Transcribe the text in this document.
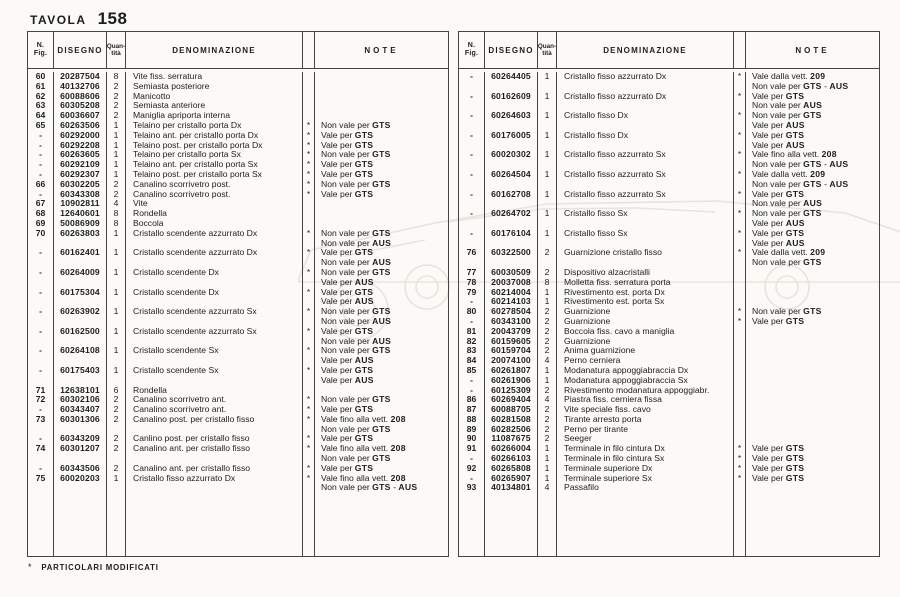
TAVOLA 158
N.
Fig. DISEGNO Quan-
tità	DENOMINAZIONE	NOTE
60	20287504	8	Vite fiss. serratura
61	40132706	2	Semiasta posteriore
62	60088606	2	Manicotto
63	60305208	2	Semiasta anteriore
64	60036607	2	Maniglia apriporta interna
65	60263506	1	Telaino per cristallo porta Dx	*	Non vale per GTS
-	60292000	1	Telaino ant. per cristallo porta Dx	*	Vale per GTS
-	60292208	1	Telaino post. per cristallo porta Dx	*	Vale per GTS
-	60263605	1	Telaino per cristallo porta Sx	*	Non vale per GTS
-	60292109	1	Telaino ant. per cristallo porta Sx	*	Vale per GTS
-	60292307	1	Telaino post. per cristallo porta Sx	*	Vale per GTS
66	60302205	2	Canalino scorrivetro post.	*	Non vale per GTS
-	60343308	2	Canalino scorrivetro post.	*	Vale per GTS
67	10902811	4	Vite
68	12640601	8	Rondella
69	50086909	8	Boccola
70	60263803	1	Cristallo scendente azzurrato Dx	*	Non vale per GTS
Non vale per AUS
-	60162401	1	Cristallo scendente azzurrato Dx	*	Vale per GTS
Non vale per AUS
-	60264009	1	Cristallo scendente Dx	*	Non vale per GTS
Vale per AUS
-	60175304	1	Cristallo scendente Dx	*	Vale per GTS
Vale per AUS
-	60263902	1	Cristallo scendente azzurrato Sx	*	Non vale per GTS
Non vale per AUS
-	60162500	1	Cristallo scendente azzurrato Sx	*	Vale per GTS
Non vale per AUS
-	60264108	1	Cristallo scendente Sx	*	Non vale per GTS
Vale per AUS
-	60175403	1	Cristallo scendente Sx	*	Vale per GTS
Vale per AUS
71	12638101	6	Rondella
72	60302106	2	Canalino scorrivetro ant.	*	Non vale per GTS
-	60343407	2	Canalino scorrivetro ant.	*	Vale per GTS
73	60301306	2	Canalino post. per cristallo fisso	*	Vale fino alla vett. 208
Non vale per GTS
-	60343209	2	Canlino post. per cristallo fisso	*	Vale per GTS
74	60301207	2	Canalino ant. per cristallo fisso	*	Vale fino alla vett. 208
Non vale per GTS
-	60343506	2	Canalino ant. per cristallo fisso	*	Vale per GTS
75	60020203	1	Cristallo fisso azzurrato Dx	*	Vale fino alla vett. 208
Non vale per GTS - AUS
N.
Fig. DISEGNO Quan-
tità	DENOMINAZIONE	NOTE
-	60264405	1	Cristallo fisso azzurrato Dx	*	Vale dalla vett. 209
Non vale per GTS - AUS
-	60162609	1	Cristallo fisso azzurrato Dx	*	Vale per GTS
Non vale per AUS
-	60264603	1	Cristallo fisso Dx	*	Non vale per GTS
Vale per AUS
-	60176005	1	Cristallo fisso Dx	*	Vale per GTS
Vale per AUS
-	60020302	1	Cristallo fisso azzurrato Sx	*	Vale fino alla vett. 208
Non vale per GTS - AUS
-	60264504	1	Cristallo fisso azzurrato Sx	*	Vale dalla vett. 209
Non vale per GTS - AUS
-	60162708	1	Cristallo fisso azzurrato Sx	*	Vale per GTS
Non vale per AUS
-	60264702	1	Cristallo fisso Sx	*	Non vale per GTS
Vale per AUS
-	60176104	1	Cristallo fisso Sx	*	Vale per GTS
Vale per AUS
76	60322500	2	Guarnizione cristallo fisso	*	Vale dalla vett. 209
Non vale per GTS
77	60030509	2	Dispositivo alzacristalli
78	20037008	8	Molletta fiss. serratura porta
79	60214004	1	Rivestimento est. porta Dx
-	60214103	1	Rivestimento est. porta Sx
80	60278504	2	Guarnizione	*	Non vale per GTS
-	60343100	2	Guarnizione	*	Vale per GTS
81	20043709	2	Boccola fiss. cavo a maniglia
82	60159605	2	Guarnizione
83	60159704	2	Anima guarnizione
84	20074100	4	Perno cerniera
85	60261807	1	Modanatura appoggiabraccia Dx
-	60261906	1	Modanatura appoggiabraccia Sx
-	60125309	2	Rivestimento modanatura appoggiabr.
86	60269404	4	Piastra fiss. cerniera fissa
87	60088705	2	Vite speciale fiss. cavo
88	60281508	2	Tirante arresto porta
89	60282506	2	Perno per tirante
90	11087675	2	Seeger
91	60266004	1	Terminale in filo cintura Dx	*	Vale per GTS
-	60266103	1	Terminale in filo cintura Sx	*	Vale per GTS
92	60265808	1	Terminale superiore Dx	*	Vale per GTS
-	60265907	1	Terminale superiore Sx	*	Vale per GTS
93	40134801	4	Passafilo
* PARTICOLARI MODIFICATI
